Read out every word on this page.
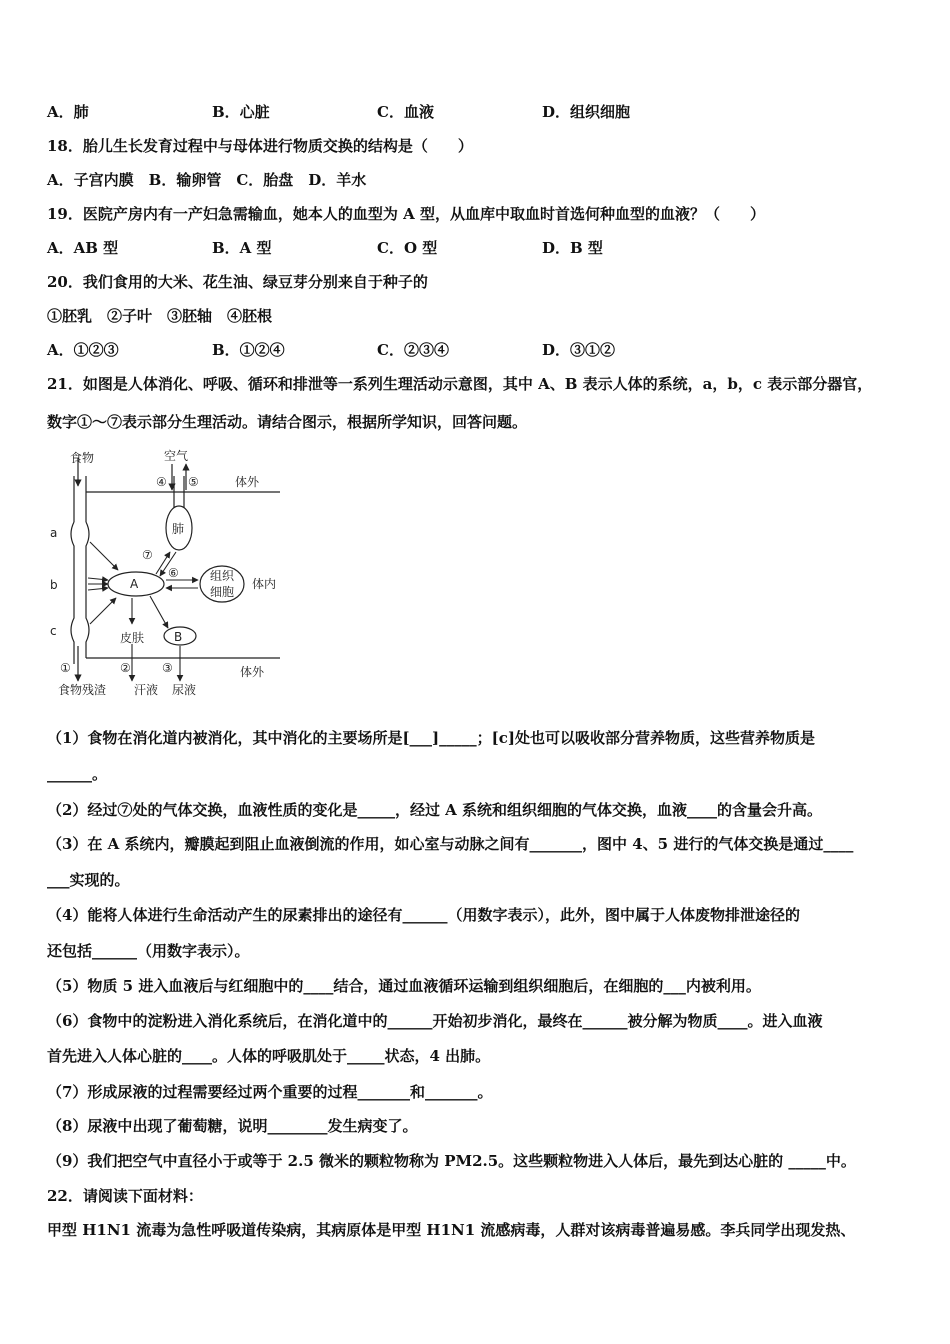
A．肺	B．心脏	C．血液	D．组织细胞
18．胎儿生长发育过程中与母体进行物质交换的结构是（　　）
A．子宫内膜　B．输卵管　C．胎盘　D．羊水
19．医院产房内有一产妇急需输血，她本人的血型为 A 型，从血库中取血时首选何种血型的血液？（　　）
A．AB 型	B．A 型	C．O 型	D．B 型
20．我们食用的大米、花生油、绿豆芽分别来自于种子的
①胚乳　②子叶　③胚轴　④胚根
A．①②③	B．①②④	C．②③④	D．③①②
21．如图是人体消化、呼吸、循环和排泄等一系列生理活动示意图，其中 A、B 表示人体的系统，a，b，c 表示部分器官，
数字①～⑦表示部分生理活动。请结合图示，根据所学知识，回答问题。
食物	空气
④ ⑤	体外
肺
a
b
c
⑦
⑥
A
组织
细胞
体内
皮肤 B
体外
①	②	③
食物残渣 汗液 尿液
（1）食物在消化道内被消化，其中消化的主要场所是[___]_____；[c]处也可以吸收部分营养物质，这些营养物质是
______。
（2）经过⑦处的气体交换，血液性质的变化是_____，经过 A 系统和组织细胞的气体交换，血液____的含量会升高。
（3）在 A 系统内，瓣膜起到阻止血液倒流的作用，如心室与动脉之间有_______，图中 4、5 进行的气体交换是通过____
___实现的。
（4）能将人体进行生命活动产生的尿素排出的途径有______（用数字表示），此外，图中属于人体废物排泄途径的
还包括______（用数字表示）。
（5）物质 5 进入血液后与红细胞中的____结合，通过血液循环运输到组织细胞后，在细胞的___内被利用。
（6）食物中的淀粉进入消化系统后，在消化道中的______开始初步消化，最终在______被分解为物质____。进入血液
首先进入人体心脏的____。人体的呼吸肌处于_____状态，4 出肺。
（7）形成尿液的过程需要经过两个重要的过程_______和_______。
（8）尿液中出现了葡萄糖，说明________发生病变了。
（9）我们把空气中直径小于或等于 2.5 微米的颗粒物称为 PM2.5。这些颗粒物进入人体后，最先到达心脏的 _____中。
22．请阅读下面材料：
甲型 H1N1 流毒为急性呼吸道传染病，其病原体是甲型 H1N1 流感病毒，人群对该病毒普遍易感。李兵同学出现发热、
